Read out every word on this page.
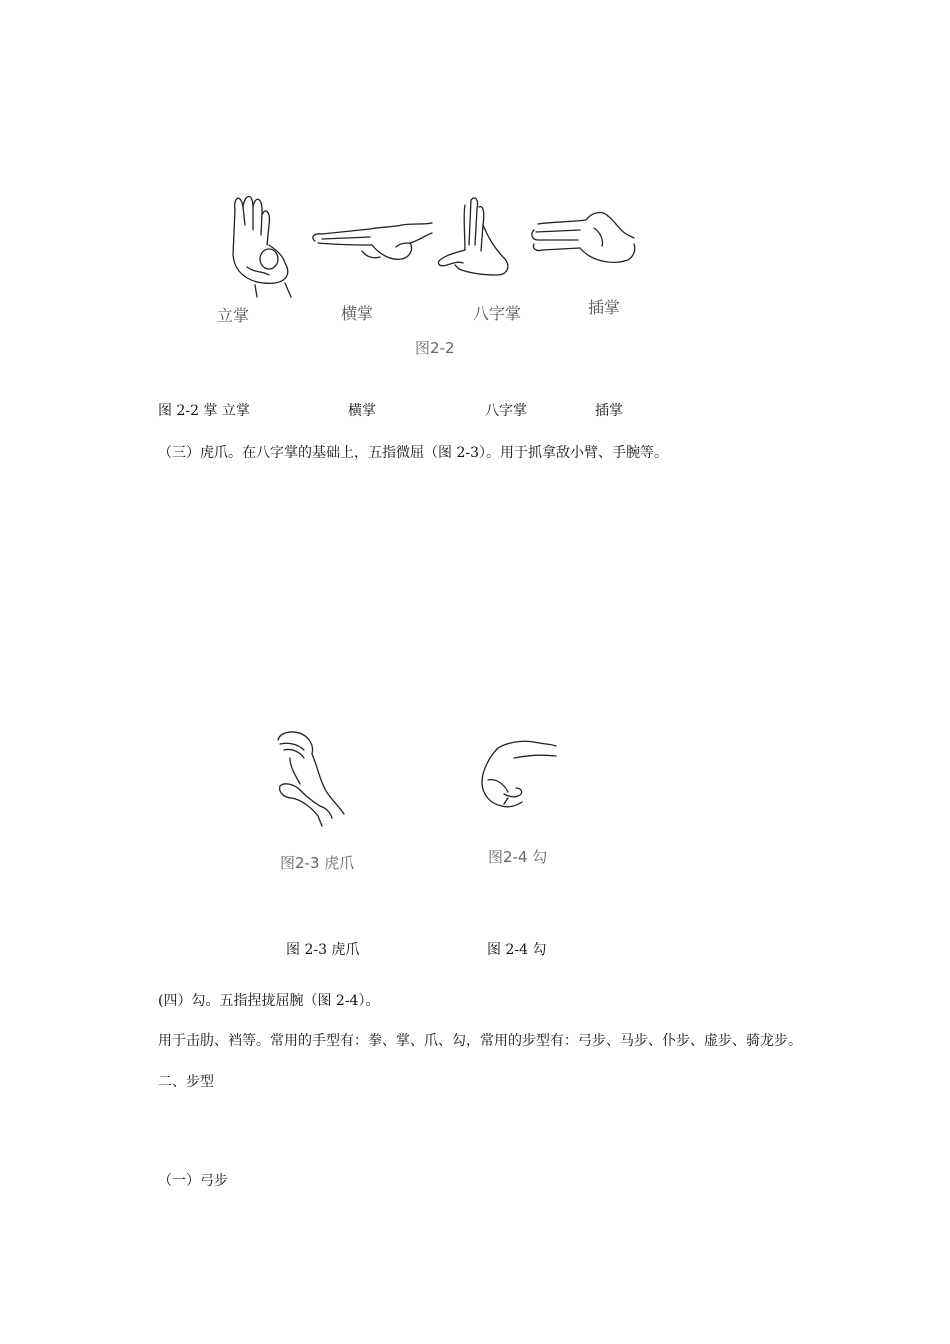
立掌	横掌	八字掌	插掌
图2-2
图 2-2 掌 立掌	横掌	八字掌	插掌
（三）虎爪。在八字掌的基础上，五指微屈（图 2-3）。用于抓拿敌小臂、手腕等。
图2-3 虎爪	图2-4 勾
图 2-3 虎爪	图 2-4 勾
(四）勾。五指捏拢屈腕（图 2-4）。
用于击肋、裆等。常用的手型有：拳、掌、爪、勾，常用的步型有：弓步、马步、仆步、虚步、骑龙步。
二、步型
（一）弓步
